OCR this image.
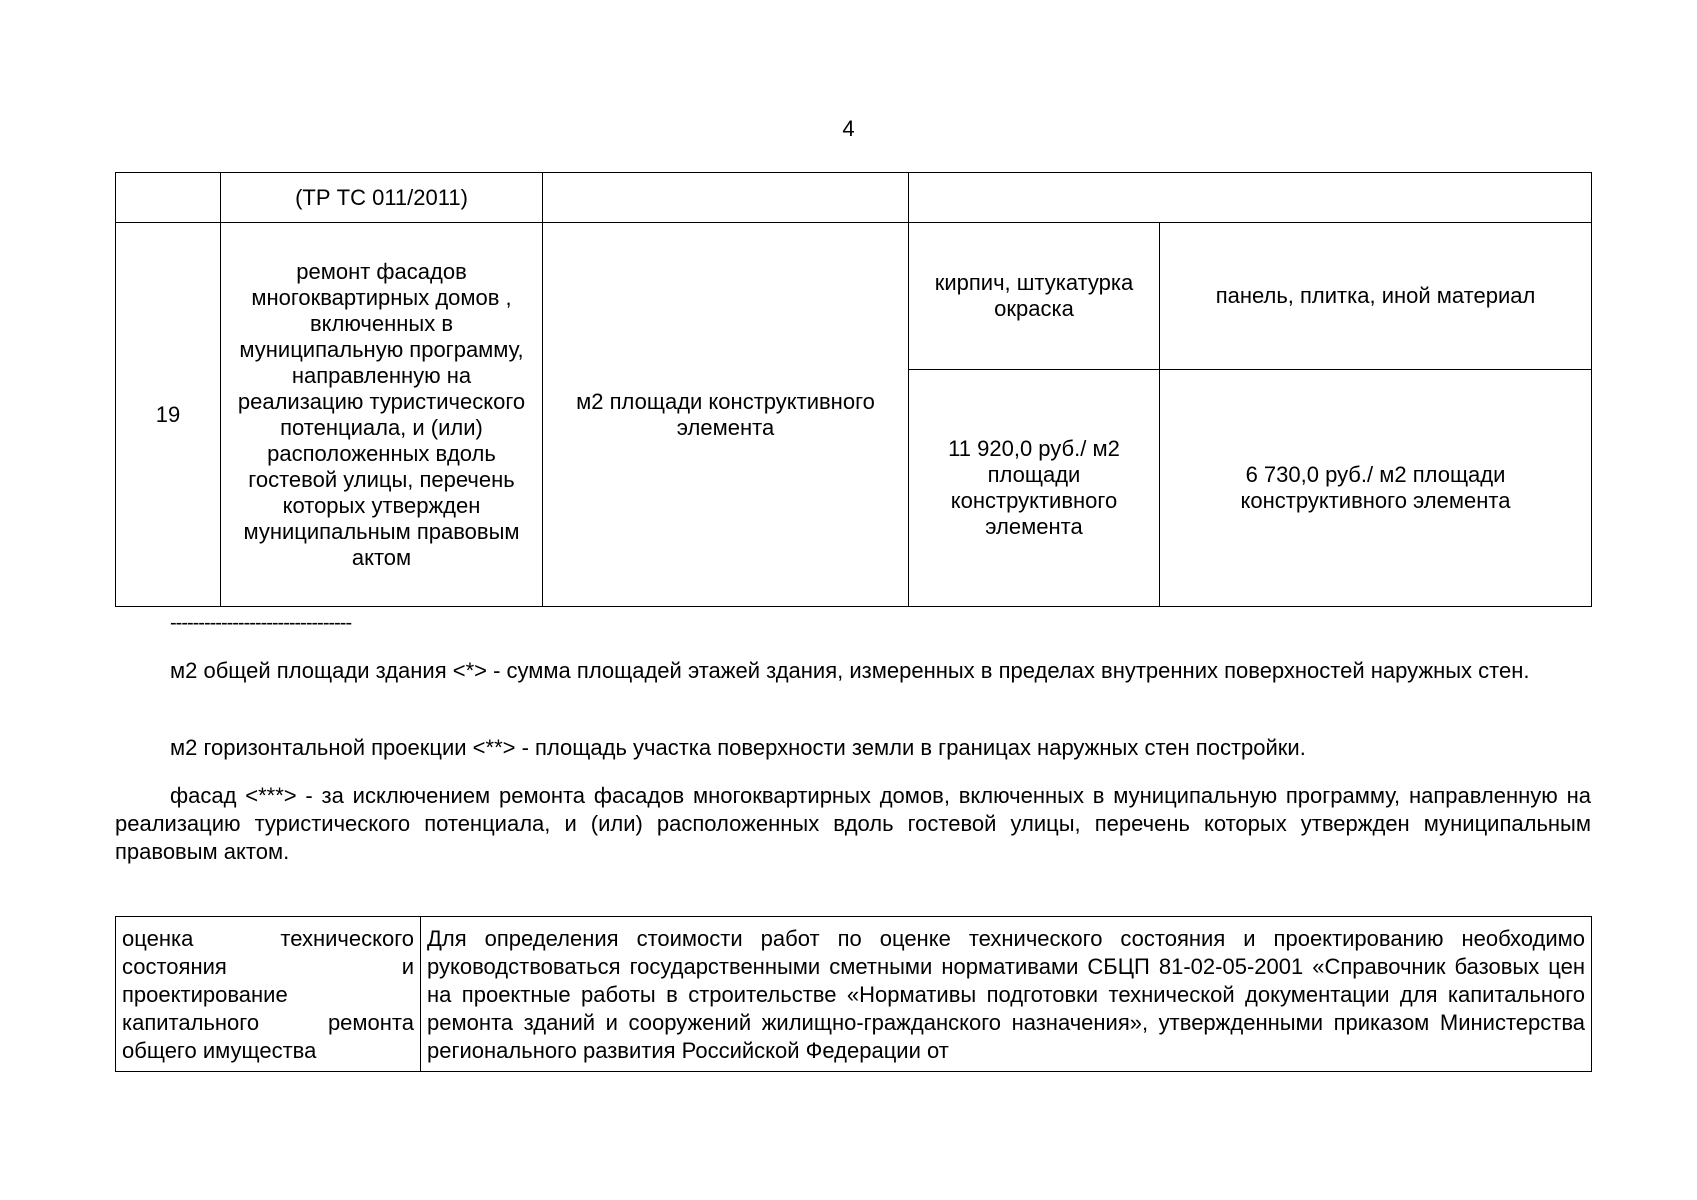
4
	(ТР ТС 011/2011)			
19	ремонт фасадов многоквартирных домов , включенных в муниципальную программу, направленную на реализацию туристического потенциала, и (или) расположенных вдоль гостевой улицы, перечень которых утвержден муниципальным правовым актом	м2 площади конструктивного элемента	кирпич, штукатурка окраска	панель, плитка, иной материал
			11 920,0 руб./ м2 площади конструктивного элемента	6 730,0 руб./ м2 площади конструктивного элемента
--------------------------------

м2 общей площади здания <*> - сумма площадей этажей здания, измеренных в пределах внутренних поверхностей наружных стен.

м2 горизонтальной проекции <**> - площадь участка поверхности земли в границах наружных стен постройки.

фасад <***> - за исключением ремонта фасадов многоквартирных домов, включенных в муниципальную программу, направленную на реализацию туристического потенциала, и (или) расположенных вдоль гостевой улицы, перечень которых утвержден муниципальным правовым актом.

оценка технического состояния и проектирование капитального ремонта общего имущества	Для определения стоимости работ по оценке технического состояния и проектированию необходимо руководствоваться государственными сметными нормативами СБЦП 81-02-05-2001 «Справочник базовых цен на проектные работы в строительстве «Нормативы подготовки технической документации для капитального ремонта зданий и сооружений жилищно-гражданского назначения», утвержденными приказом Министерства регионального развития Российской Федерации от
